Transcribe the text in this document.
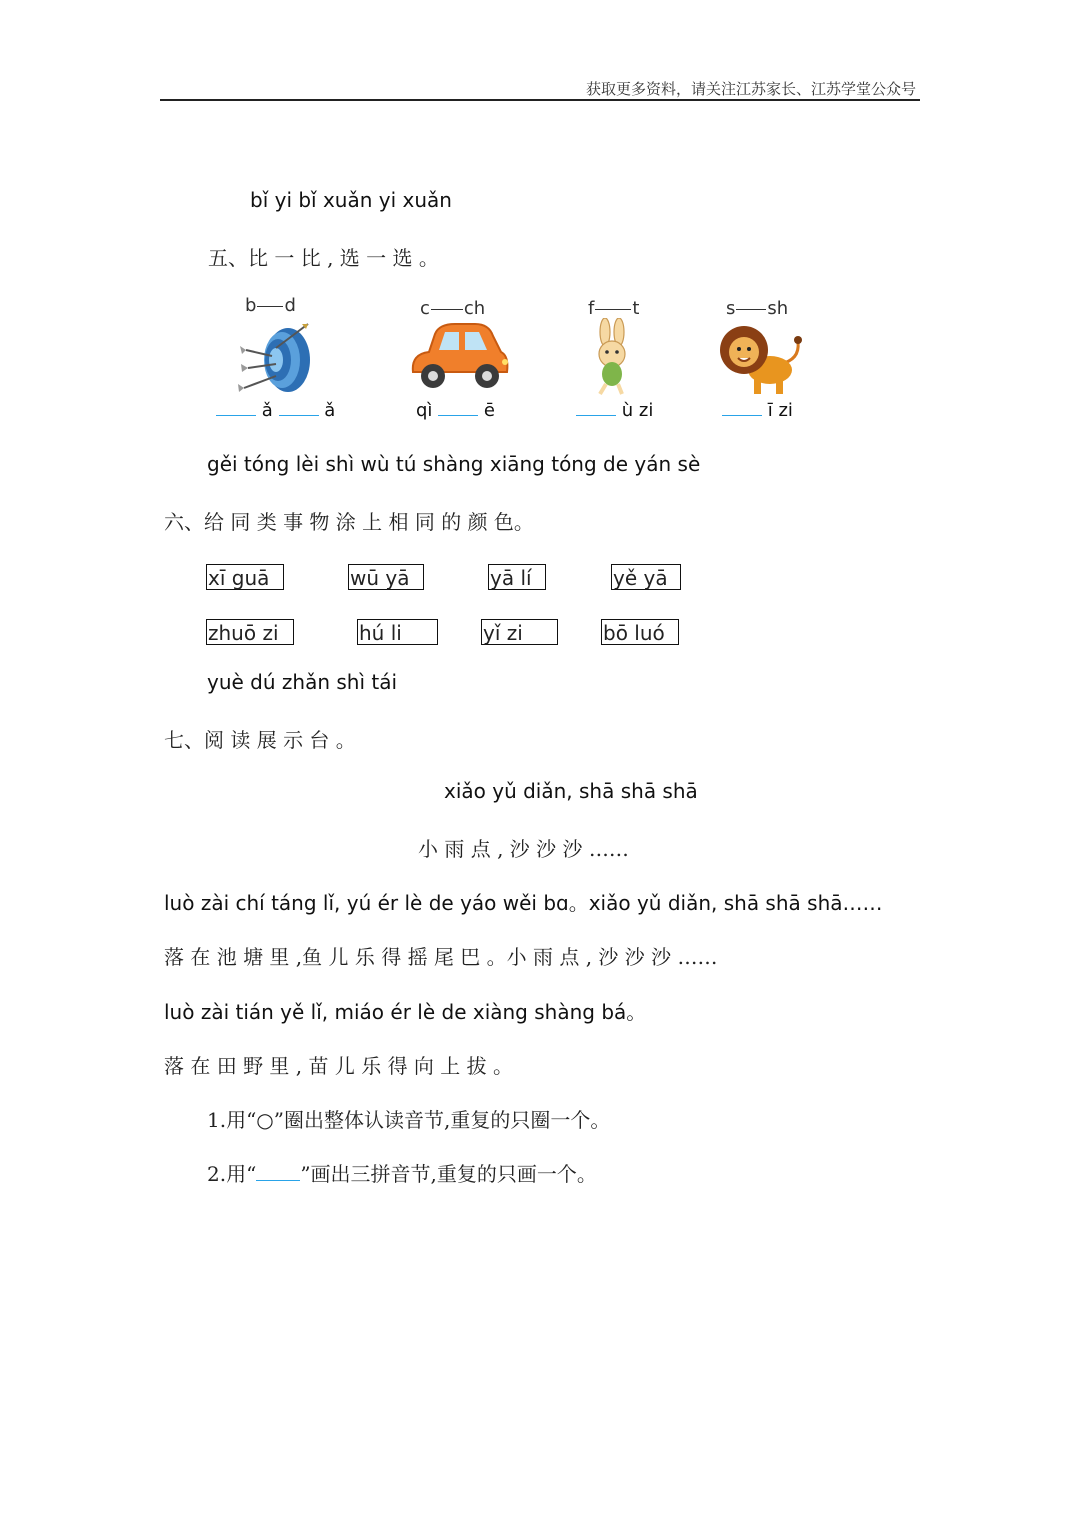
获取更多资料，请关注江苏家长、江苏学堂公众号
bǐ yi bǐ xuǎn yi xuǎn
五、比 一 比 , 选 一 选 。
b d
ǎ	ǎ
c ch
qì	ē
f t
ù zi
s sh
ī zi
gěi tóng lèi shì wù tú shàng xiāng tóng de yán sè
六、给 同 类 事 物 涂 上 相 同 的 颜 色。
xī guā	wū yā	yā lí	yě yā
zhuō zi	hú li	yǐ zi	bō luó
yuè dú zhǎn shì tái
七、阅 读 展 示 台 。
xiǎo yǔ diǎn, shā shā shā
小 雨 点 , 沙 沙 沙 ……
luò zài chí táng lǐ, yú ér lè de yáo wěi bɑ。xiǎo yǔ diǎn, shā shā shā……
落 在 池 塘 里 ,鱼 儿 乐 得 摇 尾 巴 。小 雨 点 , 沙 沙 沙 ……
luò zài tián yě lǐ, miáo ér lè de xiàng shàng bá。
落 在 田 野 里 , 苗 儿 乐 得 向 上 拔 。
1.用“○”圈出整体认读音节,重复的只圈一个。
2.用“ ”画出三拼音节,重复的只画一个。
